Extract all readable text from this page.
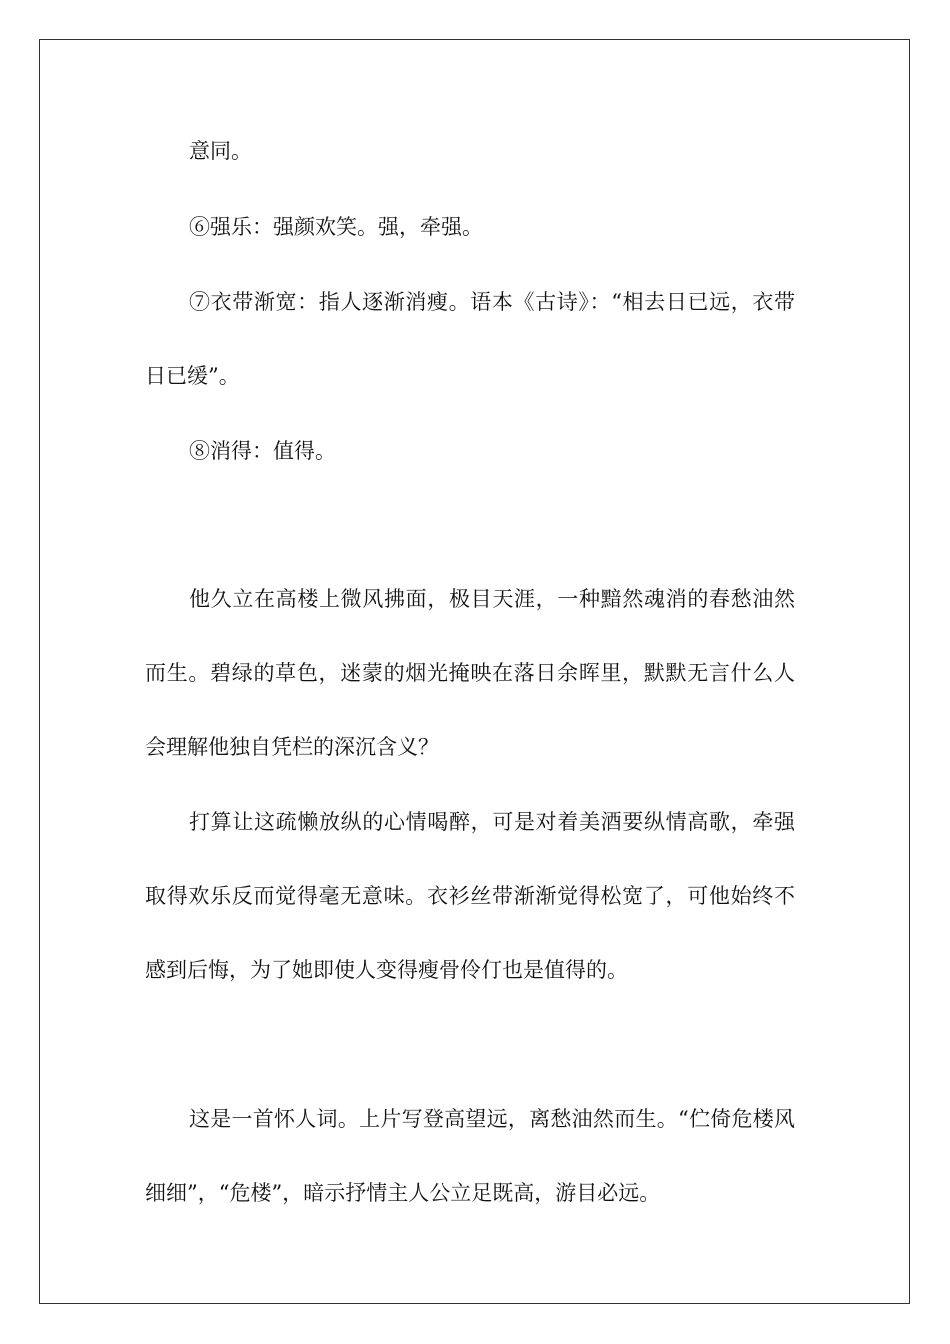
意同。

⑥强乐：强颜欢笑。强，牵强。

⑦衣带渐宽：指人逐渐消瘦。语本《古诗》：“相去日已远，衣带日已缓”。

⑧消得：值得。

他久立在高楼上微风拂面，极目天涯，一种黯然魂消的春愁油然而生。碧绿的草色，迷蒙的烟光掩映在落日余晖里，默默无言什么人会理解他独自凭栏的深沉含义？

打算让这疏懒放纵的心情喝醉，可是对着美酒要纵情高歌，牵强取得欢乐反而觉得毫无意味。衣衫丝带渐渐觉得松宽了，可他始终不感到后悔，为了她即使人变得瘦骨伶仃也是值得的。

这是一首怀人词。上片写登高望远，离愁油然而生。“伫倚危楼风细细”，“危楼”，暗示抒情主人公立足既高，游目必远。
